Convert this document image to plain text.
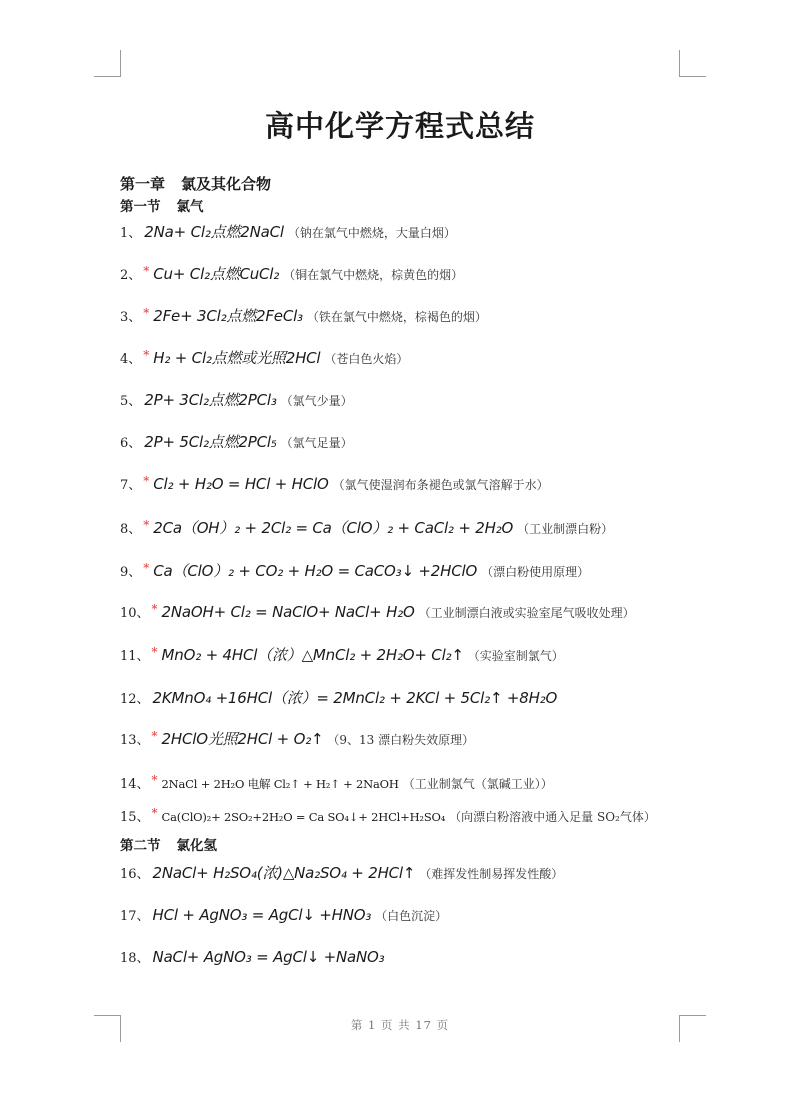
高中化学方程式总结
第一章 氯及其化合物
第一节 氯气
第二节 氯化氢
1、 2Na+ Cl₂点燃2NaCl （钠在氯气中燃烧，大量白烟）
2、 * Cu+ Cl₂点燃CuCl₂ （铜在氯气中燃烧，棕黄色的烟）
3、 * 2Fe+ 3Cl₂点燃2FeCl₃ （铁在氯气中燃烧，棕褐色的烟）
4、 * H₂ + Cl₂点燃或光照2HCl （苍白色火焰）
5、 2P+ 3Cl₂点燃2PCl₃ （氯气少量）
6、 2P+ 5Cl₂点燃2PCl₅ （氯气足量）
7、 * Cl₂ + H₂O = HCl + HClO （氯气使湿润布条褪色或氯气溶解于水）
8、 * 2Ca（OH）₂ + 2Cl₂ = Ca（ClO）₂ + CaCl₂ + 2H₂O （工业制漂白粉）
9、 * Ca（ClO）₂ + CO₂ + H₂O = CaCO₃↓ +2HClO （漂白粉使用原理）
10、 * 2NaOH+ Cl₂ = NaClO+ NaCl+ H₂O （工业制漂白液或实验室尾气吸收处理）
11、 * MnO₂ + 4HCl（浓）△MnCl₂ + 2H₂O+ Cl₂↑ （实验室制氯气）
12、 2KMnO₄ +16HCl（浓）= 2MnCl₂ + 2KCl + 5Cl₂↑ +8H₂O
13、 * 2HClO光照2HCl + O₂↑ （9、13 漂白粉失效原理）
14、 * 2NaCl + 2H₂O 电解 Cl₂↑ + H₂↑ + 2NaOH （工业制氯气（氯碱工业））
15、 * Ca(ClO)₂+ 2SO₂+2H₂O = Ca SO₄↓+ 2HCl+H₂SO₄ （向漂白粉溶液中通入足量 SO₂气体）
16、 2NaCl+ H₂SO₄(浓)△Na₂SO₄ + 2HCl↑ （难挥发性制易挥发性酸）
17、 HCl + AgNO₃ = AgCl↓ +HNO₃ （白色沉淀）
18、 NaCl+ AgNO₃ = AgCl↓ +NaNO₃
第 1 页 共 17 页
